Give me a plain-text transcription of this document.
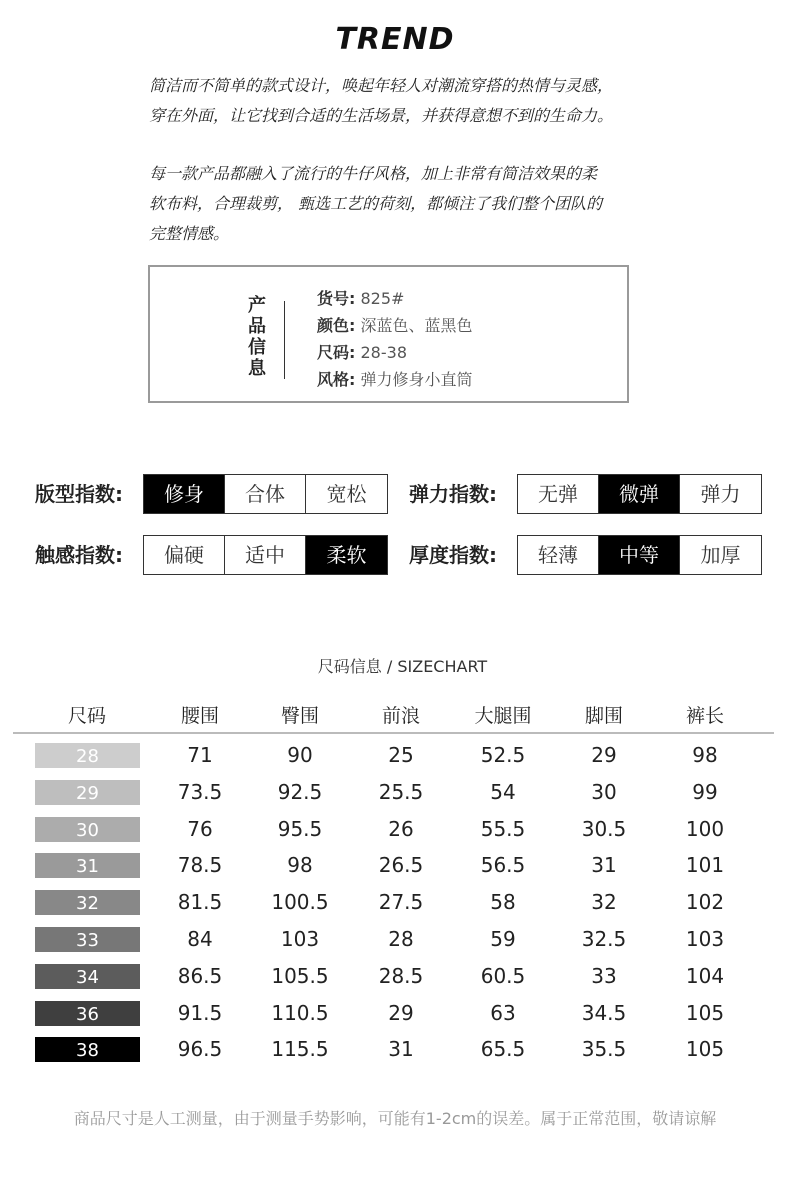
TREND
简洁而不简单的款式设计，唤起年轻人对潮流穿搭的热情与灵感，
穿在外面，让它找到合适的生活场景，并获得意想不到的生命力。
每一款产品都融入了流行的牛仔风格，加上非常有简洁效果的柔
软布料，合理裁剪， 甄选工艺的荷刻，都倾注了我们整个团队的
完整情感。
产品信息
货号: 825#
颜色: 深蓝色、蓝黑色
尺码: 28-38
风格: 弹力修身小直筒
版型指数:	修身	合体	宽松	弹力指数:	无弹	微弹	弹力
触感指数:	偏硬	适中	柔软	厚度指数:	轻薄	中等	加厚
尺码信息 / SIZECHART
尺码	腰围	臀围	前浪	大腿围	脚围	裤长
28	71	90	25	52.5	29	98
29	73.5	92.5	25.5	54	30	99
30	76	95.5	26	55.5	30.5	100
31	78.5	98	26.5	56.5	31	101
32	81.5	100.5	27.5	58	32	102
33	84	103	28	59	32.5	103
34	86.5	105.5	28.5	60.5	33	104
36	91.5	110.5	29	63	34.5	105
38	96.5	115.5	31	65.5	35.5	105
商品尺寸是人工测量，由于测量手势影响，可能有1-2cm的误差。属于正常范围，敬请谅解
